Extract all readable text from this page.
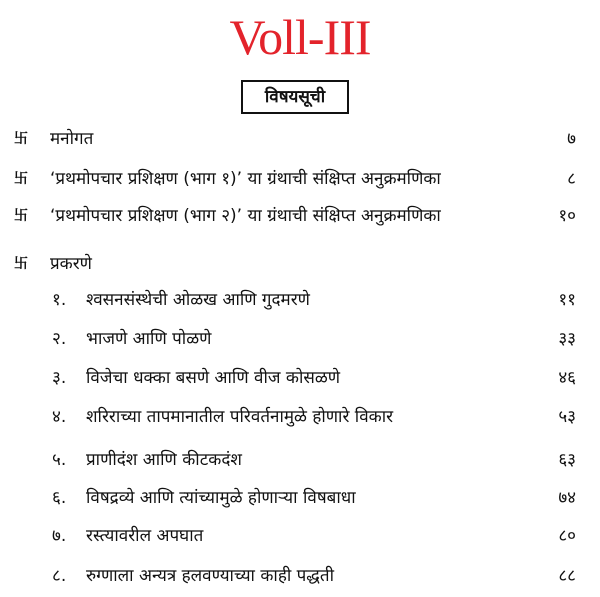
Voll-III
विषयसूची
卐 मनोगत	७
卐 ‘प्रथमोपचार प्रशिक्षण (भाग १)’ या ग्रंथाची संक्षिप्त अनुक्रमणिका	८
卐 ‘प्रथमोपचार प्रशिक्षण (भाग २)’ या ग्रंथाची संक्षिप्त अनुक्रमणिका	१०
卐 प्रकरणे
१. श्वसनसंस्थेची ओळख आणि गुदमरणे	११
२. भाजणे आणि पोळणे	३३
३. विजेचा धक्का बसणे आणि वीज कोसळणे	४६
४. शरिराच्या तापमानातील परिवर्तनामुळे होणारे विकार	५३
५. प्राणीदंश आणि कीटकदंश	६३
६. विषद्रव्ये आणि त्यांच्यामुळे होणाऱ्या विषबाधा	७४
७. रस्त्यावरील अपघात	८०
८. रुग्णाला अन्यत्र हलवण्याच्या काही पद्धती	८८
